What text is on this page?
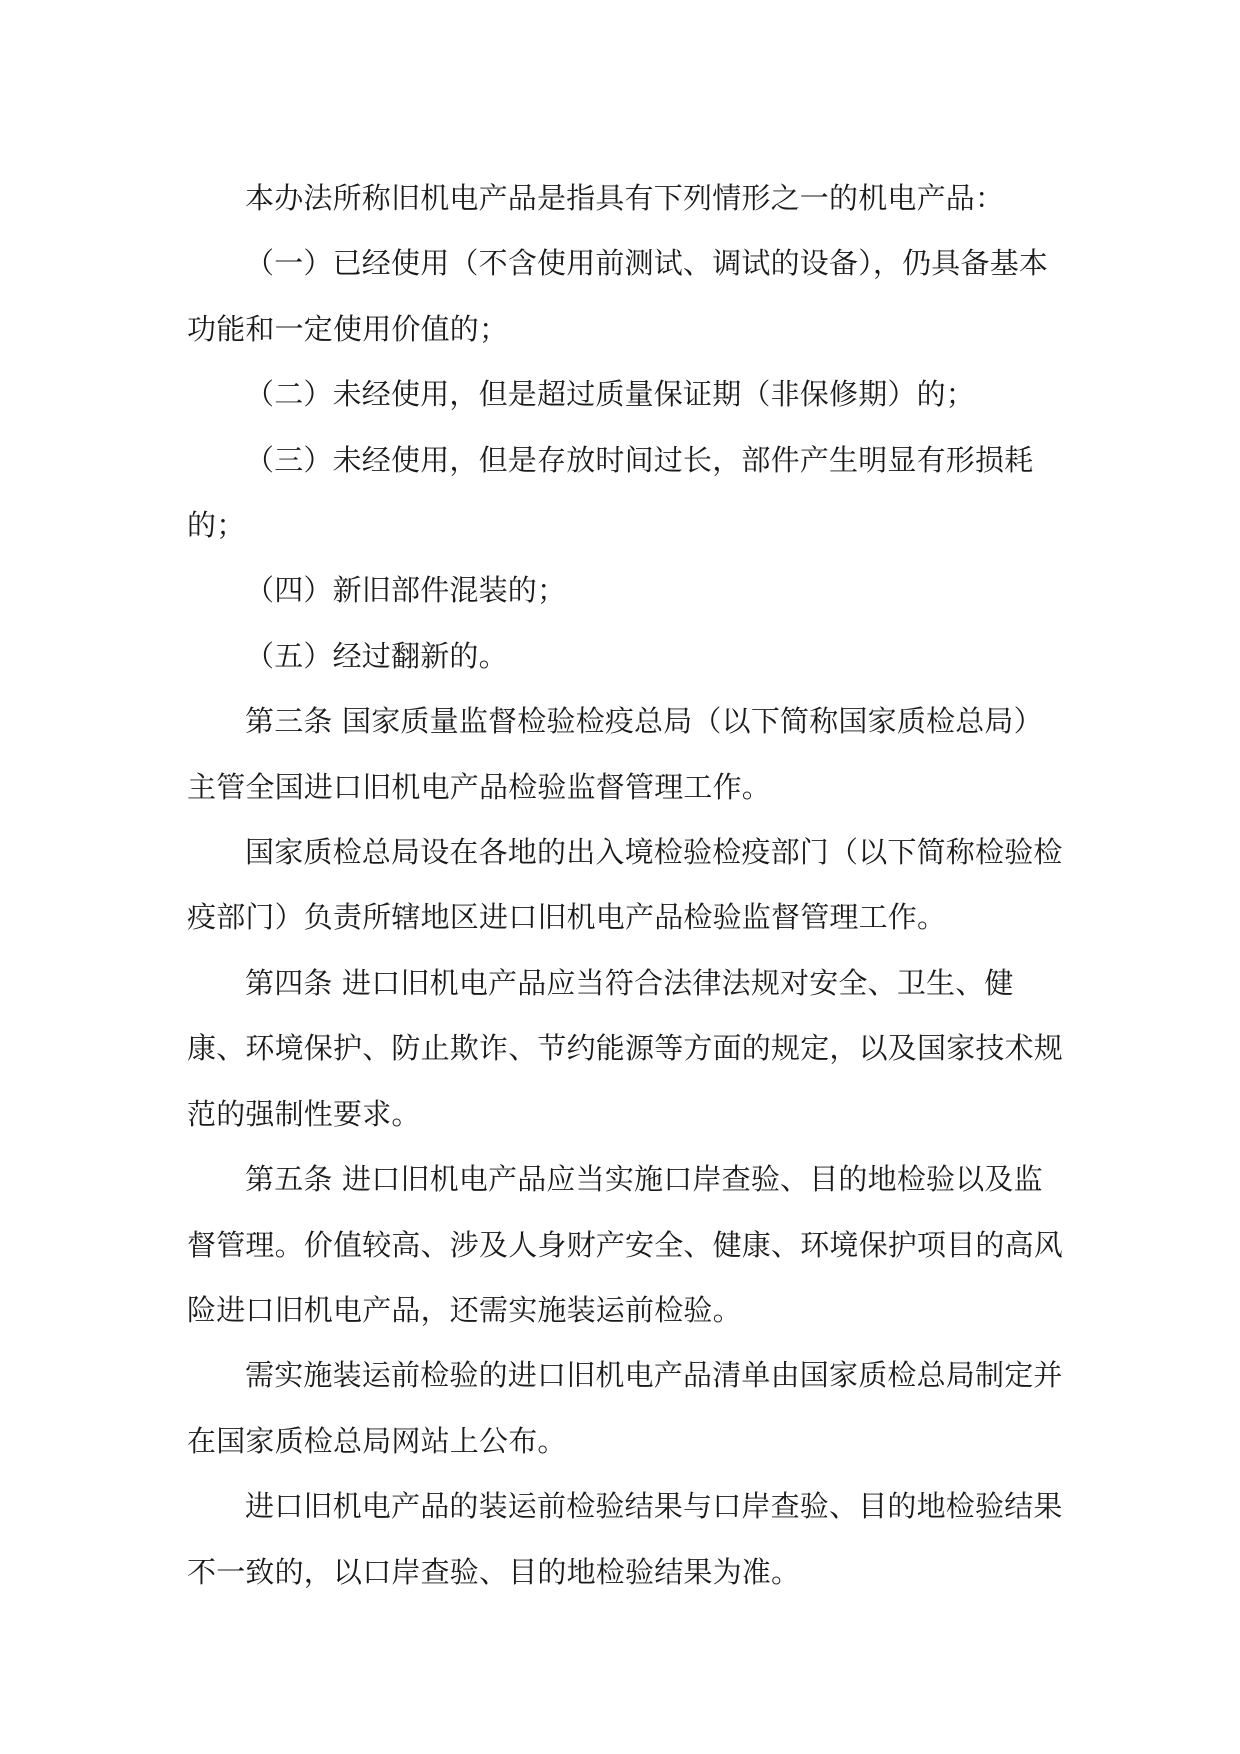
本办法所称旧机电产品是指具有下列情形之一的机电产品：

（一）已经使用（不含使用前测试、调试的设备），仍具备基本功能和一定使用价值的；

（二）未经使用，但是超过质量保证期（非保修期）的；

（三）未经使用，但是存放时间过长，部件产生明显有形损耗的；

（四）新旧部件混装的；

（五）经过翻新的。

第三条 国家质量监督检验检疫总局（以下简称国家质检总局）主管全国进口旧机电产品检验监督管理工作。

国家质检总局设在各地的出入境检验检疫部门（以下简称检验检疫部门）负责所辖地区进口旧机电产品检验监督管理工作。

第四条 进口旧机电产品应当符合法律法规对安全、卫生、健康、环境保护、防止欺诈、节约能源等方面的规定，以及国家技术规范的强制性要求。

第五条 进口旧机电产品应当实施口岸查验、目的地检验以及监督管理。价值较高、涉及人身财产安全、健康、环境保护项目的高风险进口旧机电产品，还需实施装运前检验。

需实施装运前检验的进口旧机电产品清单由国家质检总局制定并在国家质检总局网站上公布。

进口旧机电产品的装运前检验结果与口岸查验、目的地检验结果不一致的，以口岸查验、目的地检验结果为准。
